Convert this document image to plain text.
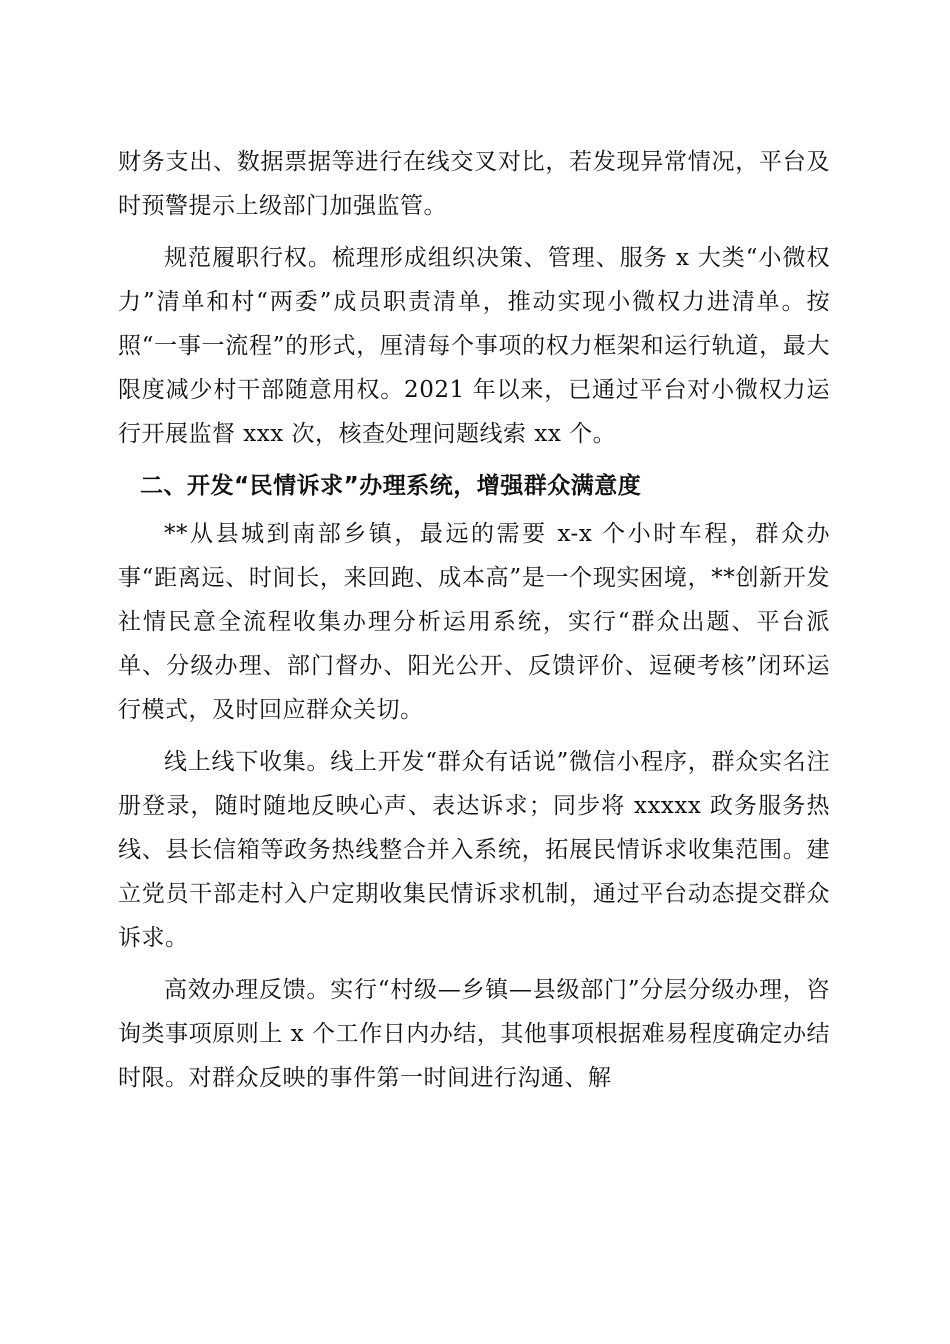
财务支出、数据票据等进行在线交叉对比，若发现异常情况，平台及时预警提示上级部门加强监管。

规范履职行权。梳理形成组织决策、管理、服务 x 大类“小微权力”清单和村“两委”成员职责清单，推动实现小微权力进清单。按照“一事一流程”的形式，厘清每个事项的权力框架和运行轨道，最大限度减少村干部随意用权。2021 年以来，已通过平台对小微权力运行开展监督 xxx 次，核查处理问题线索 xx 个。

二、开发“民情诉求”办理系统，增强群众满意度

**从县城到南部乡镇，最远的需要 x-x 个小时车程，群众办事“距离远、时间长，来回跑、成本高”是一个现实困境，**创新开发社情民意全流程收集办理分析运用系统，实行“群众出题、平台派单、分级办理、部门督办、阳光公开、反馈评价、逗硬考核”闭环运行模式，及时回应群众关切。

线上线下收集。线上开发“群众有话说”微信小程序，群众实名注册登录，随时随地反映心声、表达诉求；同步将 xxxxx 政务服务热线、县长信箱等政务热线整合并入系统，拓展民情诉求收集范围。建立党员干部走村入户定期收集民情诉求机制，通过平台动态提交群众诉求。

高效办理反馈。实行“村级—乡镇—县级部门”分层分级办理，咨询类事项原则上 x 个工作日内办结，其他事项根据难易程度确定办结时限。对群众反映的事件第一时间进行沟通、解
